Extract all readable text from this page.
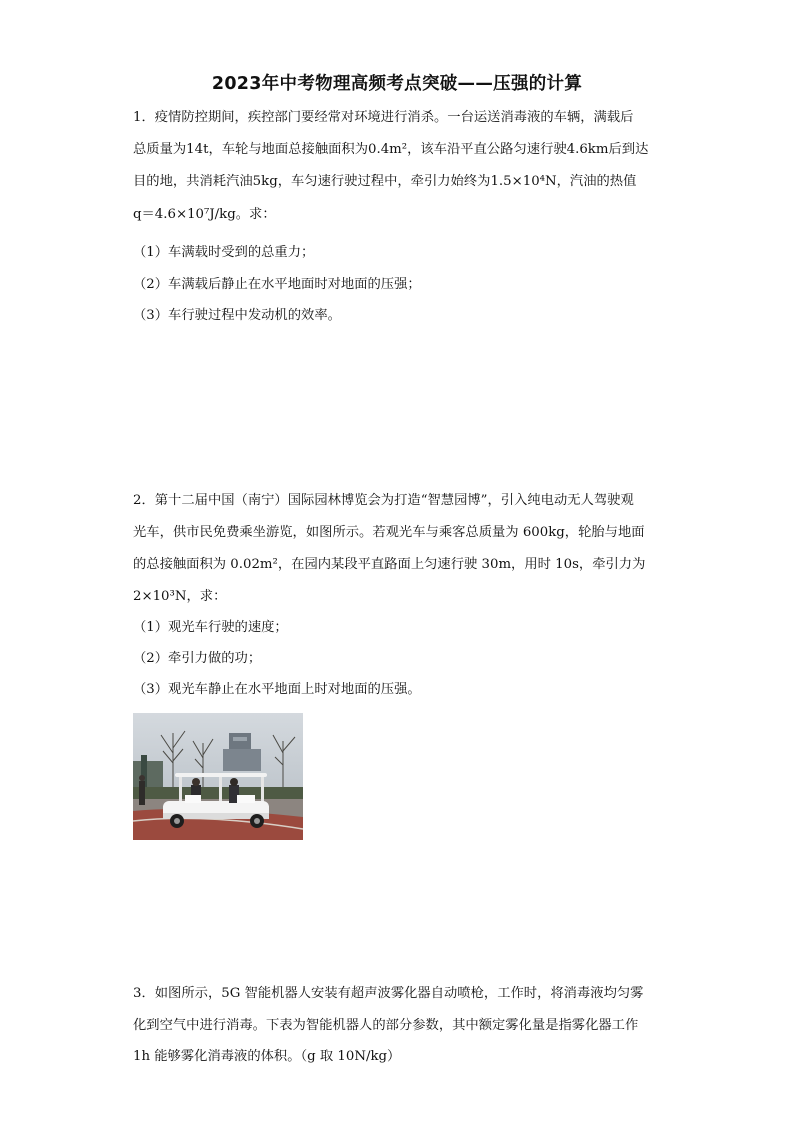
2023年中考物理高频考点突破——压强的计算
1．疫情防控期间，疾控部门要经常对环境进行消杀。一台运送消毒液的车辆，满载后
总质量为14t，车轮与地面总接触面积为0.4m²，该车沿平直公路匀速行驶4.6km后到达
目的地，共消耗汽油5kg，车匀速行驶过程中，牵引力始终为1.5×10⁴N，汽油的热值
q＝4.6×10⁷J/kg。求：
（1）车满载时受到的总重力；
（2）车满载后静止在水平地面时对地面的压强；
（3）车行驶过程中发动机的效率。
2．第十二届中国（南宁）国际园林博览会为打造“智慧园博”，引入纯电动无人驾驶观
光车，供市民免费乘坐游览，如图所示。若观光车与乘客总质量为 600kg，轮胎与地面
的总接触面积为 0.02m²，在园内某段平直路面上匀速行驶 30m，用时 10s，牵引力为
2×10³N，求：
（1）观光车行驶的速度；
（2）牵引力做的功；
（3）观光车静止在水平地面上时对地面的压强。
3．如图所示，5G 智能机器人安装有超声波雾化器自动喷枪，工作时，将消毒液均匀雾
化到空气中进行消毒。下表为智能机器人的部分参数，其中额定雾化量是指雾化器工作
1h 能够雾化消毒液的体积。（g 取 10N/kg）
